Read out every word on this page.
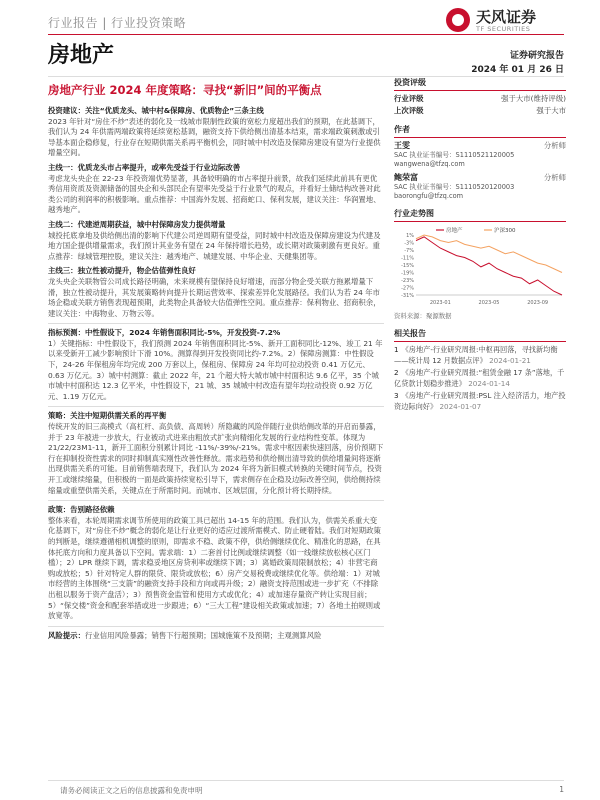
行业报告 | 行业投资策略	天风证券
TF SECURITIES
房地产	证券研究报告
2024 年 01 月 26 日
房地产行业 2024 年度策略：寻找“新旧”间的平衡点
投资建议：关注“优质龙头、城中村&保障房、优质物企”三条主线
2023 年针对“房住不炒”表述的弱化及一线城市限制性政策的宽松力度超出我们的预期，在此基调下，我们认为 24 年供需两端政策将延续宽松基调，融资支持下供给侧出清基本结束，需求端政策刺激或引导基本面企稳修复，行业存在短期供需关系再平衡机会，同时城中村改造及保障房建设有望为行业提供增量空间。
主线一：优质龙头市占率提升，或率先受益于行业边际改善
考虑龙头央企在 22-23 年投资端优势显著，具备较明确的市占率提升前景，故我们延续此前具有更优秀信用资质及资源储备的国央企和头部民企有望率先受益于行业景气的观点，并看好土储结构改善对此类公司的利润率的积极影响。重点推荐：中国海外发展、招商蛇口、保利发展，建议关注：华润置地、越秀地产。
主线二：代建逆周期获益，城中村保障房发力提供增量
城投托底拿地及供给侧出清的影响下代建公司逆周期有望受益，同时城中村改造及保障房建设为代建及地方国企提供增量需求，我们预计其业务有望在 24 年保持增长趋势，或长期对政策刺激有更良好。重点推荐：绿城管理控股，建议关注：越秀地产、城建发展、中华企业、天健集团等。
主线三：独立性被动提升，物企估值弹性良好
龙头央企关联物管公司成长路径明确，未来规模有望保持良好增速，而部分物企受关联方拖累增量下滑，独立性被动提升，其发展策略转向提升长期运营效率、探索差异化发展路径。我们认为若 24 年市场企稳或关联方销售表现超预期，此类物企具备较大估值弹性空间。重点推荐：保利物业、招商积余，建议关注：中海物业、万物云等。
指标预测：中性假设下，2024 年销售面积同比-5%，开发投资-7.2%
1）关键指标：中性假设下，我们预测 2024 年销售面积同比-5%、新开工面积同比-12%、竣工 21 年以来受新开工减少影响预计下滑 10%。测算得到开发投资同比约-7.2%。2）保障房测算：中性假设下，24-26 年保租房年均完成 200 万套以上，保租房、保障房 24 年均可拉动投资 0.41 万亿元、0.63 万亿元。3）城中村测算：截止 2022 年，21 个超大特大城市城中村面积达 9.6 亿平，35 个城市城中村面积达 12.3 亿平米，中性假设下，21 城、35 城城中村改造有望年均拉动投资 0.92 万亿元、1.19 万亿元。
策略：关注中短期供需关系的再平衡
传统开发的旧三高模式（高杠杆、高负债、高周转）所隐藏的风险伴随行业供给侧改革的开启而暴露，并于 23 年被进一步放大，行业被动式进来由粗放式扩张向精细化发展的行业结构性变革。体现为 21/22/23M1-11，新开工面积分别累计同比 -11%/-39%/-21%。需求中枢因素快速回落，房价预期下行在抑制投资性需求的同时抑制真实刚性改善性释放。需求趋势和供给侧出清导致的供给增量间将逐渐出现供需关系的可能。目前销售端表现下，我们认为 2024 年将为新旧模式转换的关键时间节点，投资开工或继续缩量，但积极的一面是政策持续宽松引导下，需求侧存在企稳及边际改善空间，供给侧持续缩量或重塑供需关系，关键点在于所需时间。而城市、区域层面，分化预计将长期持续。
政策：告别路径依赖
整体来看，本轮周期需求调节所使用的政策工具已超出 14-15 年的范围。我们认为，供需关系重大变化基调下，对“房住不炒”概念的弱化是让行业更好的适应过渡所需模式、防止硬着陆。我们对短期政策的判断是，继续遵循相机调整的原则，即需求不稳、政策不停，供给侧继续优化、精准化的思路，在具体托底方向和力度具备以下空间。需求端：1）二套首付比例或继续调整（如一线继续放松核心区门槛）；2）LPR 继续下调，需求稳妥地区房贷利率或继续下调；3）离婚政策局限制放松；4）非营宅商购或放松；5）针对特定人群的限贷、限贷或放松；6）房产交易税费或继续优化等。供给端：1）对城市经营的主体围绕“三支箭”的融资支持手段和方向或再升级；2）融资支持范围或进一步扩充（不排除出租以服务于资产盘活）；3）预售资金监管和使用方式或优化；4）或加速存量资产转让实现目前；5）“保交楼”资金和配套举措或进一步跟进；6）“三大工程”建设相关政策或加速；7）各地土拍规则或放宽等。
风险提示：行业信用风险暴露；销售下行超预期；国城施策不及预期；主观测算风险
投资评级
行业评级	强于大市(维持评级)
上次评级	强于大市
作者
王雯	分析师
SAC 执业证书编号：S1110521120005
wangwena@tfzq.com
鲍荣富	分析师
SAC 执业证书编号：S1110520120003
baorongfu@tfzq.com
行业走势图
1%
-3%
-7%
-11%
-15%
-19%
-23%
-27%
-31%
2023-01	2023-05	2023-09
房地产	沪深300
资料来源：聚源数据
相关报告
1 《房地产-行业研究周报:中枢再回落，寻找新均衡——统计局 12 月数据点评》 2024-01-21
2 《房地产-行业研究周报:“租赁金融 17 条”落地，千亿贷款计划稳步推进》 2024-01-14
3 《房地产-行业研究周报:PSL 注入经济活力，地产投资边际向好》 2024-01-07
请务必阅读正文之后的信息披露和免责申明	1
